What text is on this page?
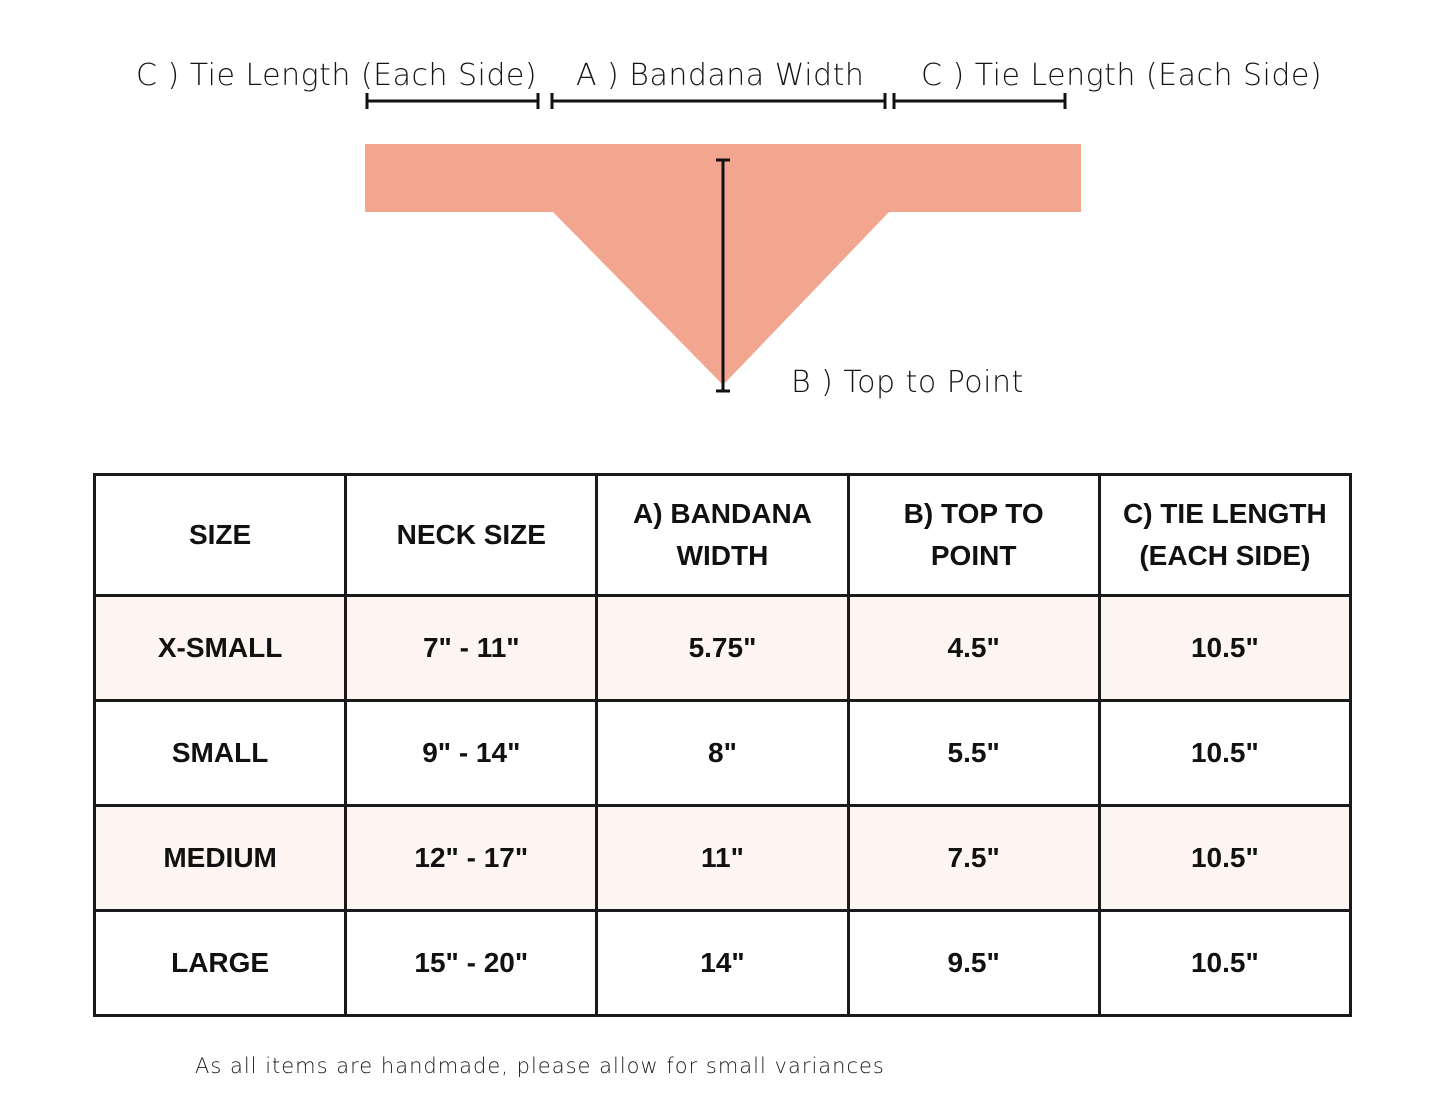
C ) Tie Length (Each Side) A ) Bandana Width C ) Tie Length (Each Side)
B ) Top to Point
SIZE	NECK SIZE	A) BANDANA WIDTH	B) TOP TO POINT	C) TIE LENGTH (EACH SIDE)
X-SMALL	7" - 11"	5.75"	4.5"	10.5"
SMALL	9" - 14"	8"	5.5"	10.5"
MEDIUM	12" - 17"	11"	7.5"	10.5"
LARGE	15" - 20"	14"	9.5"	10.5"
As all items are handmade, please allow for small variances
